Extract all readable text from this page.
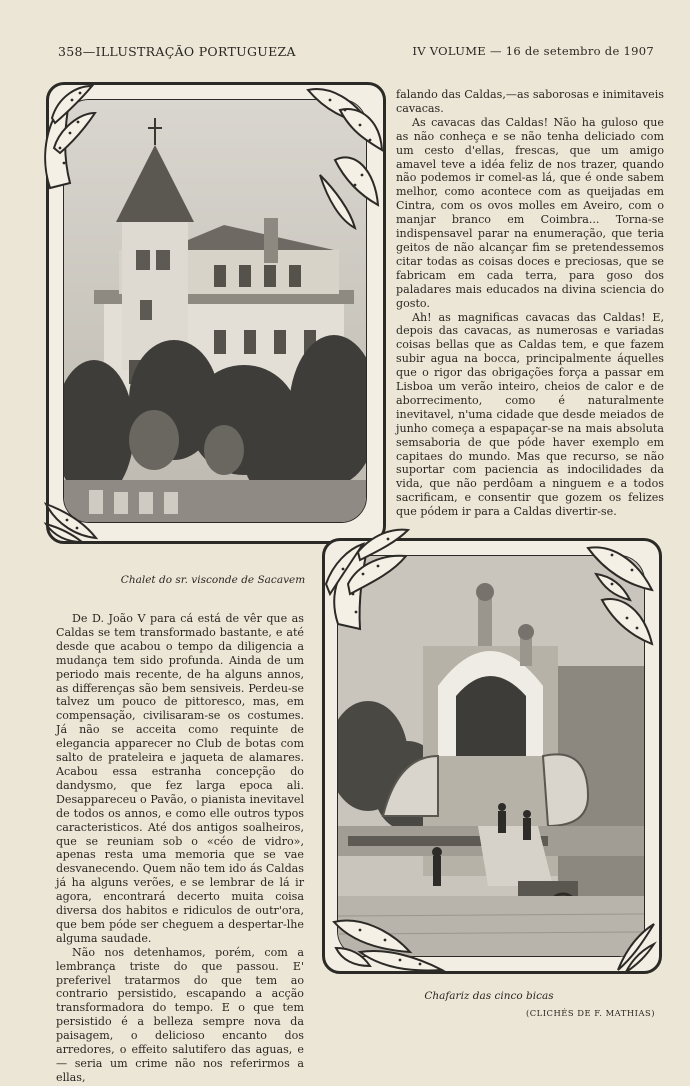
358—ILLUSTRAÇÃO PORTUGUEZA	IV VOLUME — 16 de setembro de 1907
Chalet do sr. visconde de Sacavem
Chafariz das cinco bicas
(CLICHÉS DE F. MATHIAS)

falando das Caldas,—as saborosas e inimitaveis cavacas.

As cavacas das Caldas! Não ha guloso que as não conheça e se não tenha deliciado com um cesto d'ellas, frescas, que um amigo amavel teve a idéa feliz de nos trazer, quando não podemos ir comel-as lá, que é onde sabem melhor, como acontece com as queijadas em Cintra, com os ovos molles em Aveiro, com o manjar branco em Coimbra... Torna-se indispensavel parar na enumeração, que teria geitos de não alcançar fim se pretendessemos citar todas as coisas doces e preciosas, que se fabricam em cada terra, para goso dos paladares mais educados na divina sciencia do gosto.

Ah! as magnificas cavacas das Caldas! E, depois das cavacas, as numerosas e variadas coisas bellas que as Caldas tem, e que fazem subir agua na bocca, principalmente áquelles que o rigor das obrigações força a passar em Lisboa um verão inteiro, cheios de calor e de aborrecimento, como é naturalmente inevitavel, n'uma cidade que desde meiados de junho começa a espapaçar-se na mais absoluta semsaboria de que póde haver exemplo em capitaes do mundo. Mas que recurso, se não suportar com paciencia as indocilidades da vida, que não perdôam a ninguem e a todos sacrificam, e consentir que gozem os felizes que pódem ir para a Caldas divertir-se.

De D. João V para cá está de vêr que as Caldas se tem transformado bastante, e até desde que acabou o tempo da diligencia a mudança tem sido profunda. Ainda de um periodo mais recente, de ha alguns annos, as differenças são bem sensiveis. Perdeu-se talvez um pouco de pittoresco, mas, em compensação, civilisaram-se os costumes. Já não se acceita como requinte de elegancia apparecer no Club de botas com salto de prateleira e jaqueta de alamares. Acabou essa estranha concepção do dandysmo, que fez larga epoca ali. Desappareceu o Pavão, o pianista inevitavel de todos os annos, e como elle outros typos caracteristicos. Até dos antigos soalheiros, que se reuniam sob o «céo de vidro», apenas resta uma memoria que se vae desvanecendo. Quem não tem ido ás Caldas já ha alguns verões, e se lembrar de lá ir agora, encontrará decerto muita coisa diversa dos habitos e ridiculos de outr'ora, que bem póde ser cheguem a despertar-lhe alguma saudade.

Não nos detenhamos, porém, com a lembrança triste do que passou. E' preferivel tratarmos do que tem ao contrario persistido, escapando a acção transformadora do tempo. E o que tem persistido é a belleza sempre nova da paisagem, o delicioso encanto dos arredores, o effeito salutifero das aguas, e — seria um crime não nos referirmos a ellas,
